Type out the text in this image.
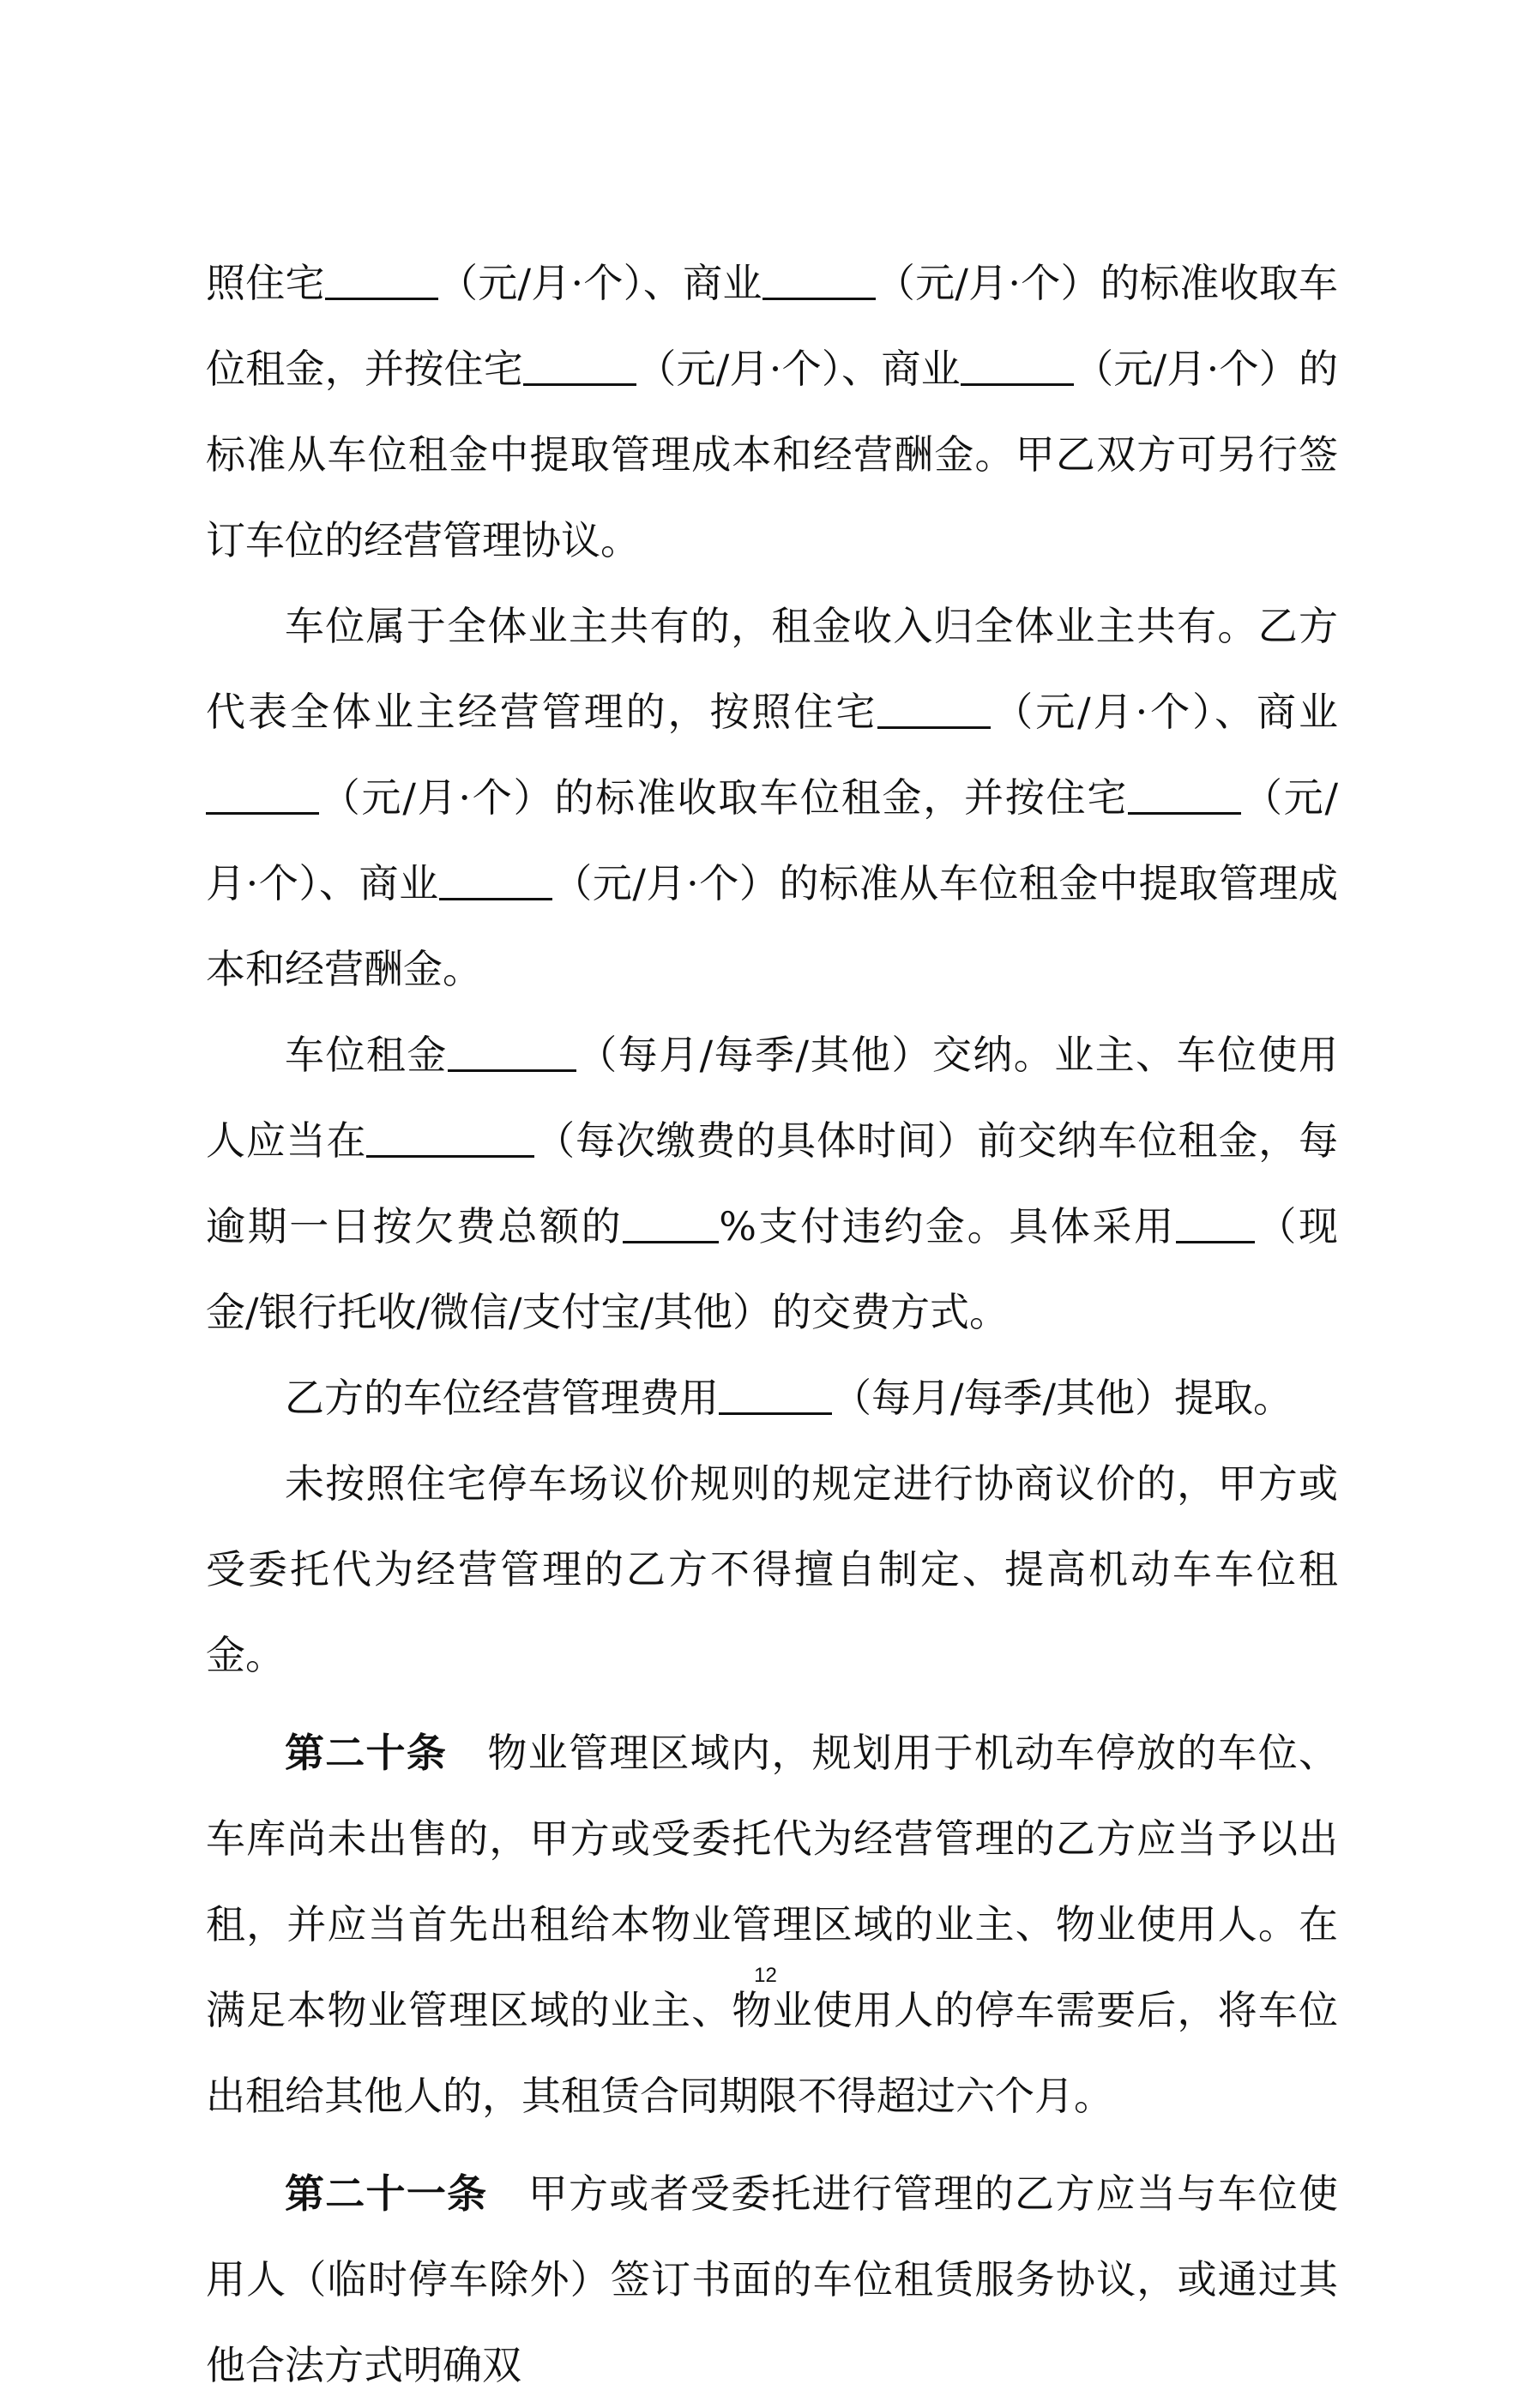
照住宅	（元/月·个）、商业	（元/月·个）的标准收取车位租金，并按住宅	（元/月·个）、商业	（元/月·个）的标准从车位租金中提取管理成本和经营酬金。甲乙双方可另行签订车位的经营管理协议。

车位属于全体业主共有的，租金收入归全体业主共有。乙方代表全体业主经营管理的，按照住宅	（元/月·个）、商业（元/月·个）的标准收取车位租金，并按住宅	（元/月·个）、商业	（元/月·个）的标准从车位租金中提取管理成本和经营酬金。

车位租金	（每月/每季/其他）交纳。业主、车位使用人应当在	（每次缴费的具体时间）前交纳车位租金，每逾期一日按欠费总额的 %支付违约金。具体采用 （现金/银行托收/微信/支付宝/其他）的交费方式。

乙方的车位经营管理费用	（每月/每季/其他）提取。

未按照住宅停车场议价规则的规定进行协商议价的，甲方或受委托代为经营管理的乙方不得擅自制定、提高机动车车位租金。

第二十条　 物业管理区域内，规划用于机动车停放的车位、车库尚未出售的，甲方或受委托代为经营管理的乙方应当予以出租，并应当首先出租给本物业管理区域的业主、物业使用人。在满足本物业管理区域的业主、物业使用人的停车需要后，将车位出租给其他人的，其租赁合同期限不得超过六个月。

第二十一条　 甲方或者受委托进行管理的乙方应当与车位使用人（临时停车除外）签订书面的车位租赁服务协议，或通过其他合法方式明确双

12
